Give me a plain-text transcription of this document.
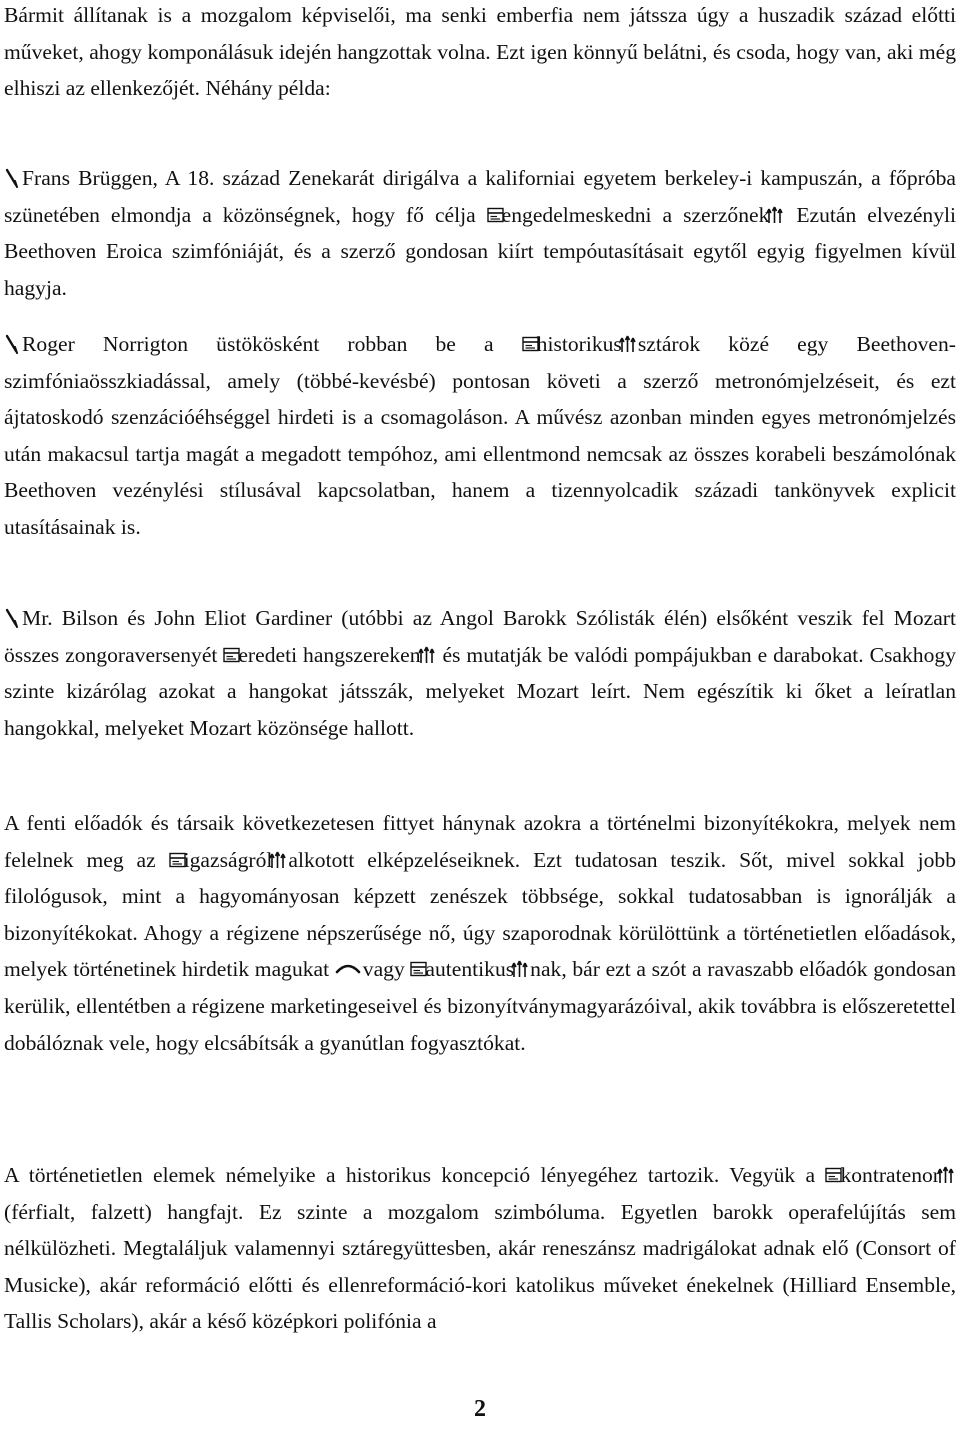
Bármit állítanak is a mozgalom képviselői, ma senki emberfia nem játssza úgy a huszadik század előtti műveket, ahogy komponálásuk idején hangzottak volna. Ezt igen könnyű belátni, és csoda, hogy van, aki még elhiszi az ellenkezőjét. Néhány példa:

Frans Brüggen, A 18. század Zenekarát dirigálva a kaliforniai egyetem berkeley-i kampuszán, a főpróba szünetében elmondja a közönségnek, hogy fő célja
engedelmeskedni a szerzőnek
Ezután elvezényli Beethoven Eroica szimfóniáját, és a szerző gondosan kiírt tempóutasításait egytől egyig figyelmen kívül hagyja.

Roger Norrigton üstökösként robban be a
historikus sztárok közé egy Beethoven-szimfóniaösszkiadással, amely (többé-kevésbé) pontosan követi a szerző metronómjelzéseit, és ezt ájtatoskodó szenzációéhséggel hirdeti is a csomagoláson. A művész azonban minden egyes metronómjelzés után makacsul tartja magát a megadott tempóhoz, ami ellentmond nemcsak az összes korabeli beszámolónak Beethoven vezénylési stílusával kapcsolatban, hanem a tizennyolcadik századi tankönyvek explicit utasításainak is.

Mr. Bilson és John Eliot Gardiner (utóbbi az Angol Barokk Szólisták élén) elsőként veszik fel Mozart összes zongoraversenyét
eredeti hangszereken
és mutatják be valódi pompájukban e darabokat. Csakhogy szinte kizárólag azokat a hangokat játsszák, melyeket Mozart leírt. Nem egészítik ki őket a leíratlan hangokkal, melyeket Mozart közönsége hallott.

A fenti előadók és társaik következetesen fittyet hánynak azokra a történelmi bizonyítékokra, melyek nem felelnek meg az
igazságról alkotott elképzeléseiknek. Ezt tudatosan teszik. Sőt, mivel sokkal jobb filológusok, mint a hagyományosan képzett zenészek többsége, sokkal tudatosabban is ignorálják a bizonyítékokat. Ahogy a régizene népszerűsége nő, úgy szaporodnak körülöttünk a történetietlen előadások, melyek történetinek hirdetik magukat
vagy
autentikus nak, bár ezt a szót a ravaszabb előadók gondosan kerülik, ellentétben a régizene marketingeseivel és bizonyítványmagyarázóival, akik továbbra is előszeretettel dobálóznak vele, hogy elcsábítsák a gyanútlan fogyasztókat.

A történetietlen elemek némelyike a historikus koncepció lényegéhez tartozik. Vegyük a
kontratenor
(férfialt, falzett) hangfajt. Ez szinte a mozgalom szimbóluma. Egyetlen barokk operafelújítás sem nélkülözheti. Megtaláljuk valamennyi sztáregyüttesben, akár reneszánsz madrigálokat adnak elő (Consort of Musicke), akár reformáció előtti és ellenreformáció-kori katolikus műveket énekelnek (Hilliard Ensemble, Tallis Scholars), akár a késő középkori polifónia a

2
